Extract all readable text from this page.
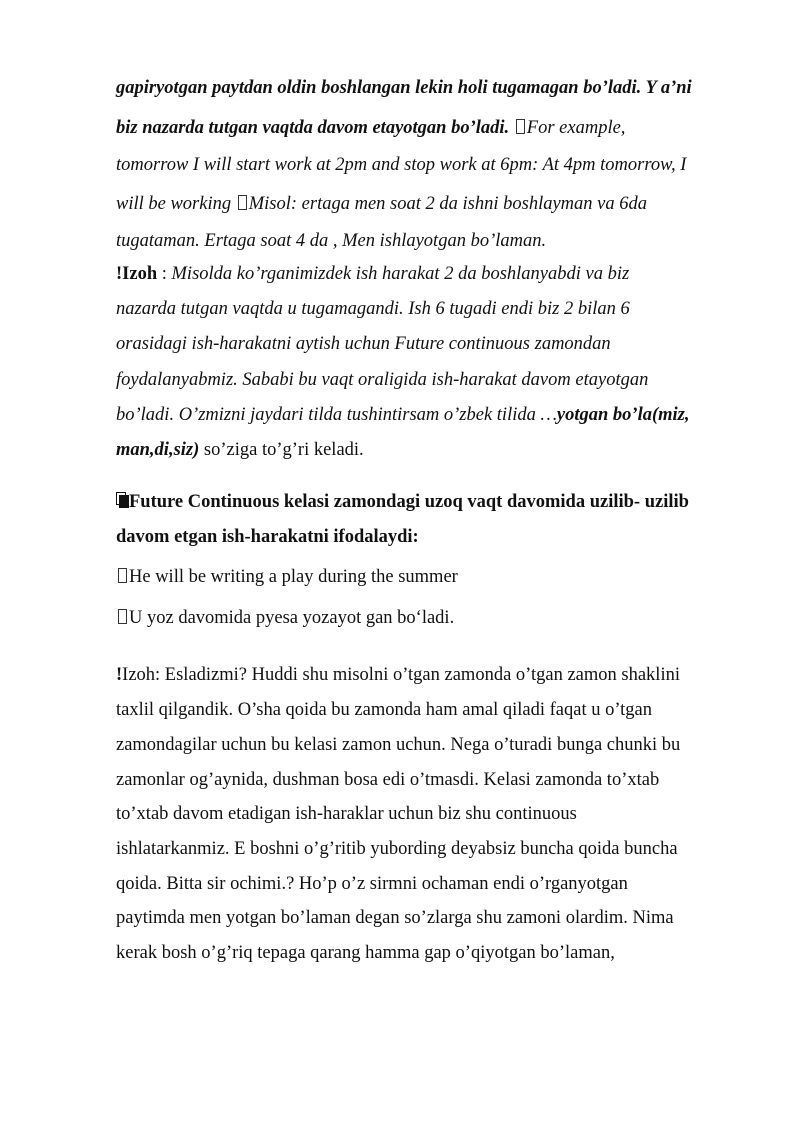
gapiryotgan paytdan oldin boshlangan lekin holi tugamagan bo’ladi. Y a’ni
biz nazarda tutgan vaqtda davom etayotgan bo’ladi. For example,
tomorrow I will start work at 2pm and stop work at 6pm: At 4pm tomorrow, I
will be working Misol: ertaga men soat 2 da ishni boshlayman va 6da
tugataman. Ertaga soat 4 da , Men ishlayotgan bo’laman.
!Izoh : Misolda ko’rganimizdek ish harakat 2 da boshlanyabdi va biz
nazarda tutgan vaqtda u tugamagandi. Ish 6 tugadi endi biz 2 bilan 6
orasidagi ish-harakatni aytish uchun Future continuous zamondan
foydalanyabmiz. Sababi bu vaqt oraligida ish-harakat davom etayotgan
bo’ladi. O’zmizni jaydari tilda tushintirsam o’zbek tilida …yotgan bo’la(miz,
man,di,siz) so’ziga to’g’ri keladi.
Future Continuous kelasi zamondagi uzoq vaqt davomida uzilib- uzilib
davom etgan ish-harakatni ifodalaydi:
He will be writing a play during the summer
U yoz davomida pyesa yozayot gan bo‘ladi.
!Izoh: Esladizmi? Huddi shu misolni o’tgan zamonda o’tgan zamon shaklini
taxlil qilgandik. O’sha qoida bu zamonda ham amal qiladi faqat u o’tgan
zamondagilar uchun bu kelasi zamon uchun. Nega o’turadi bunga chunki bu
zamonlar og’aynida, dushman bosa edi o’tmasdi. Kelasi zamonda to’xtab
to’xtab davom etadigan ish-haraklar uchun biz shu continuous
ishlatarkanmiz. E boshni o’g’ritib yubording deyabsiz buncha qoida buncha
qoida. Bitta sir ochimi.? Ho’p o’z sirmni ochaman endi o’rganyotgan
paytimda men yotgan bo’laman degan so’zlarga shu zamoni olardim. Nima
kerak bosh o’g’riq tepaga qarang hamma gap o’qiyotgan bo’laman,
